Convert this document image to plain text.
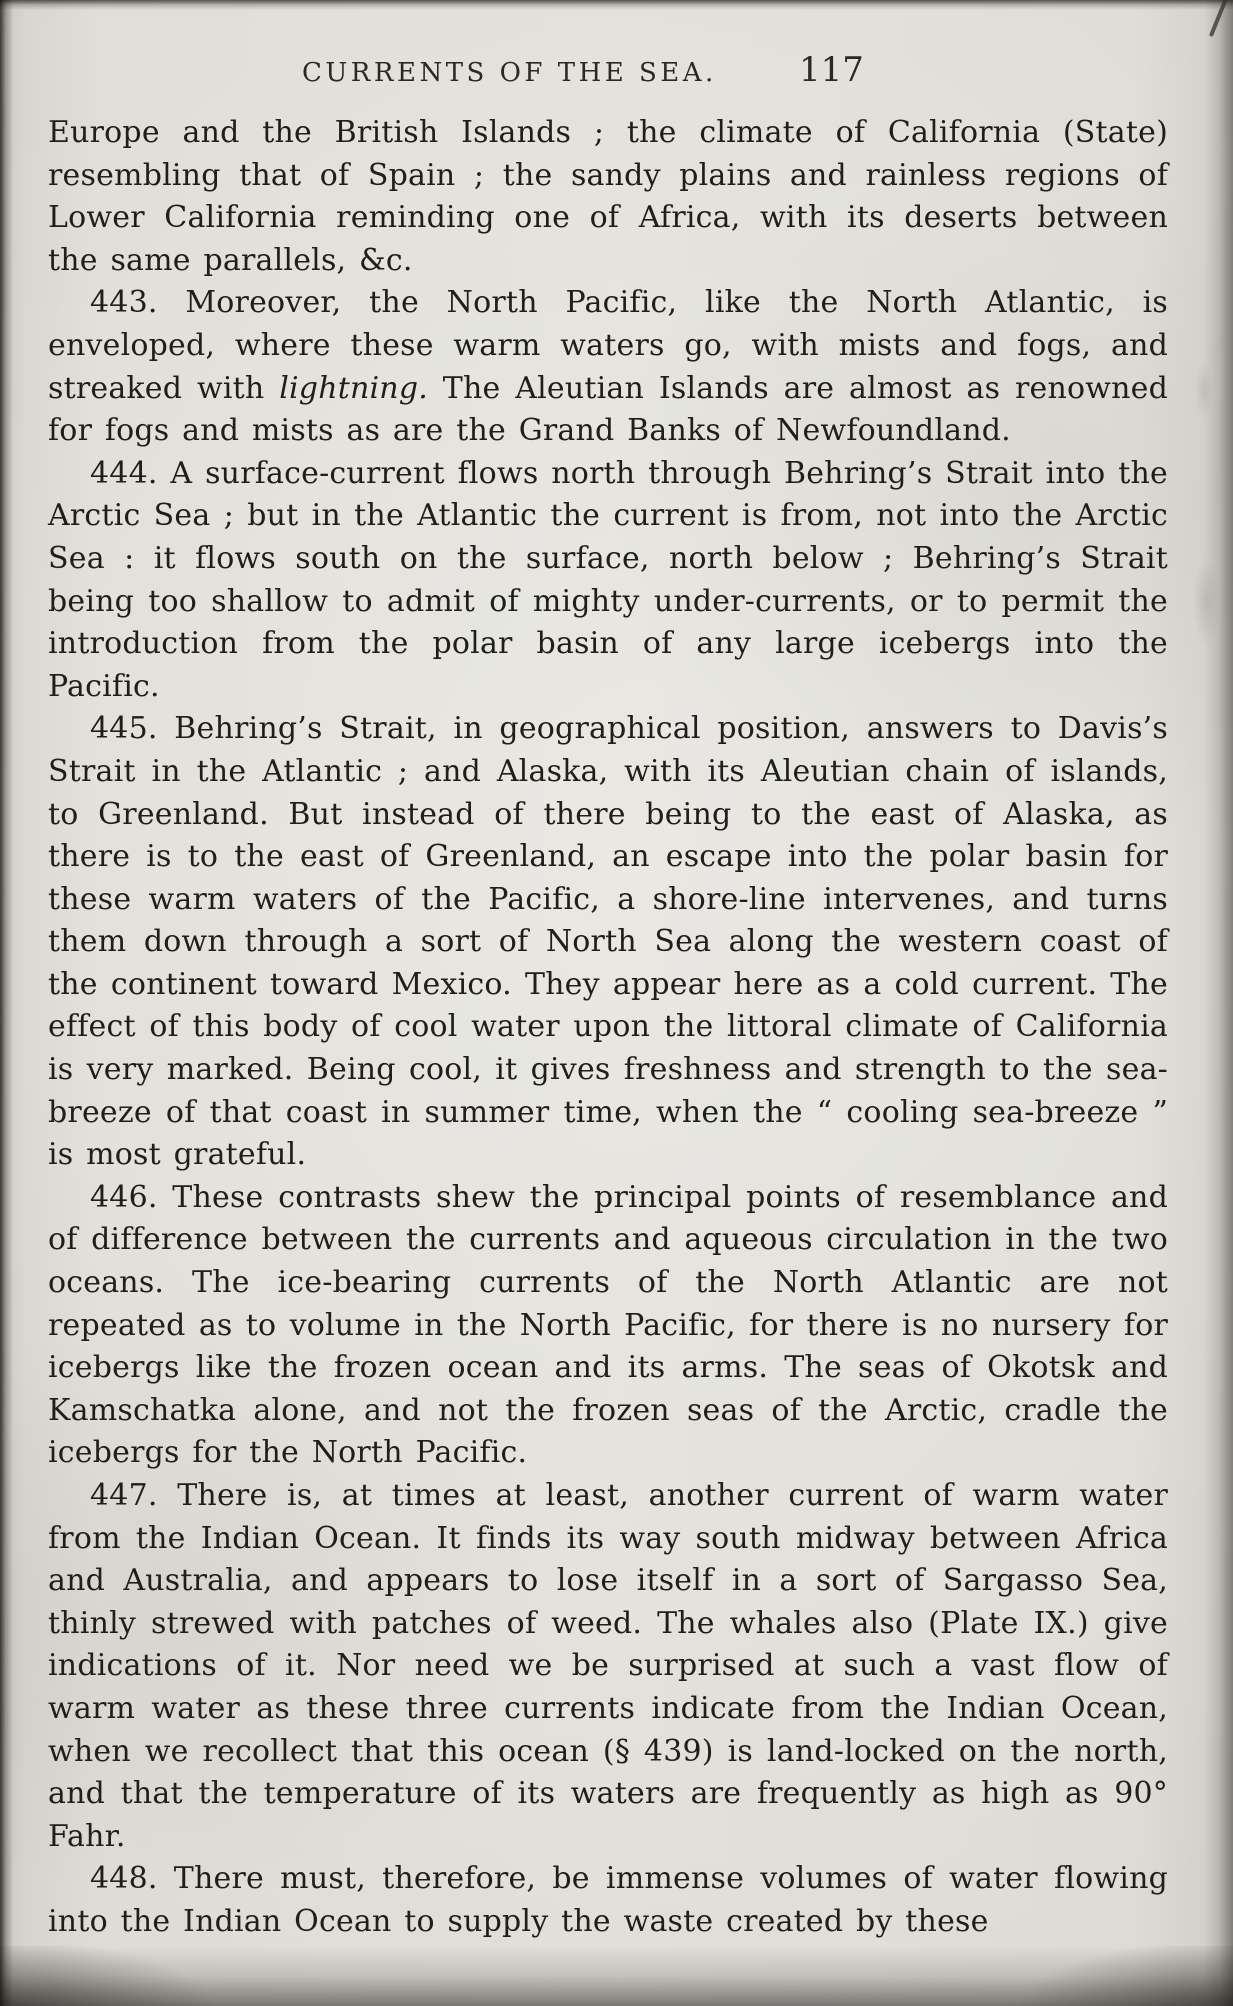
CURRENTS OF THE SEA. 117

Europe and the British Islands ; the climate of California (State) resembling that of Spain ; the sandy plains and rainless regions of Lower California reminding one of Africa, with its deserts between the same parallels, &c.

443. Moreover, the North Pacific, like the North Atlantic, is enveloped, where these warm waters go, with mists and fogs, and streaked with lightning. The Aleutian Islands are almost as renowned for fogs and mists as are the Grand Banks of Newfoundland.

444. A surface-current flows north through Behring’s Strait into the Arctic Sea ; but in the Atlantic the current is from, not into the Arctic Sea : it flows south on the surface, north below ; Behring’s Strait being too shallow to admit of mighty under-currents, or to permit the introduction from the polar basin of any large icebergs into the Pacific.

445. Behring’s Strait, in geographical position, answers to Davis’s Strait in the Atlantic ; and Alaska, with its Aleutian chain of islands, to Greenland. But instead of there being to the east of Alaska, as there is to the east of Greenland, an escape into the polar basin for these warm waters of the Pacific, a shore-line intervenes, and turns them down through a sort of North Sea along the western coast of the continent toward Mexico. They appear here as a cold current. The effect of this body of cool water upon the littoral climate of California is very marked. Being cool, it gives freshness and strength to the sea-breeze of that coast in summer time, when the “ cooling sea-breeze ” is most grateful.

446. These contrasts shew the principal points of resemblance and of difference between the currents and aqueous circulation in the two oceans. The ice-bearing currents of the North Atlantic are not repeated as to volume in the North Pacific, for there is no nursery for icebergs like the frozen ocean and its arms. The seas of Okotsk and Kamschatka alone, and not the frozen seas of the Arctic, cradle the icebergs for the North Pacific.

447. There is, at times at least, another current of warm water from the Indian Ocean. It finds its way south midway between Africa and Australia, and appears to lose itself in a sort of Sargasso Sea, thinly strewed with patches of weed. The whales also (Plate IX.) give indications of it. Nor need we be surprised at such a vast flow of warm water as these three currents indicate from the Indian Ocean, when we recollect that this ocean (§ 439) is land-locked on the north, and that the temperature of its waters are frequently as high as 90° Fahr.

448. There must, therefore, be immense volumes of water flowing into the Indian Ocean to supply the waste created by these
